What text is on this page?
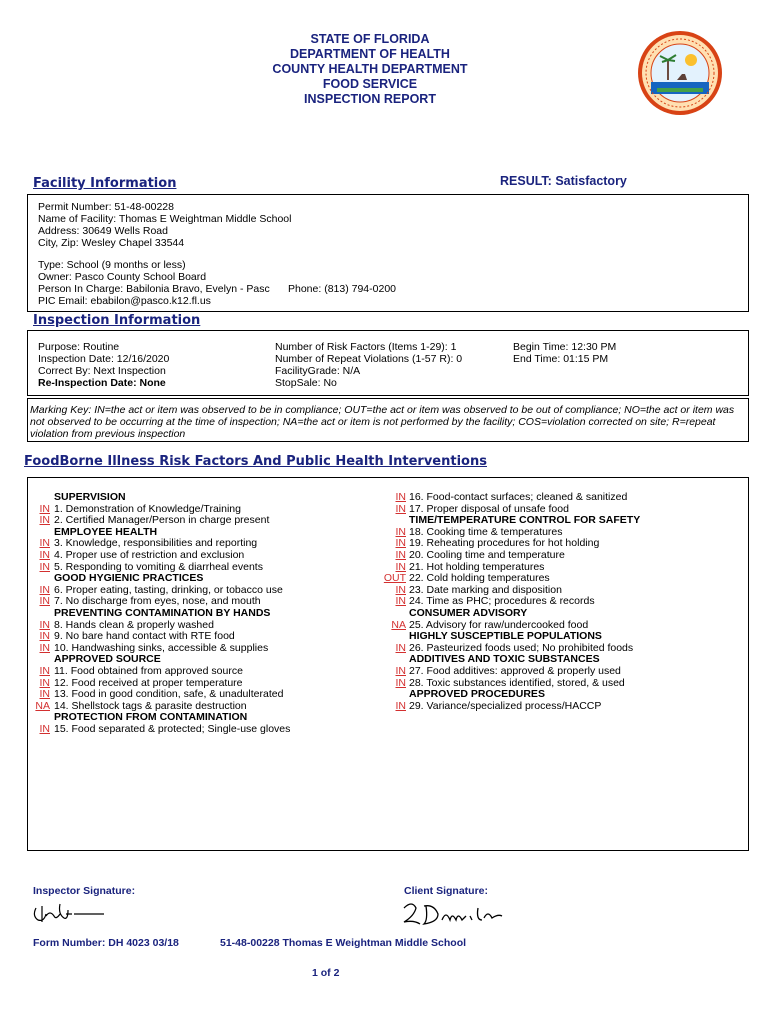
STATE OF FLORIDA
DEPARTMENT OF HEALTH
COUNTY HEALTH DEPARTMENT
FOOD SERVICE
INSPECTION REPORT
Facility Information	RESULT: Satisfactory
Permit Number: 51-48-00228
Name of Facility: Thomas E Weightman Middle School
Address: 30649 Wells Road
City, Zip: Wesley Chapel 33544
Type: School (9 months or less)
Owner: Pasco County School Board
Person In Charge: Babilonia Bravo, Evelyn - Pasc Phone: (813) 794-0200
PIC Email: ebabilon@pasco.k12.fl.us
Inspection Information
Purpose: Routine
Inspection Date: 12/16/2020
Correct By: Next Inspection
Re-Inspection Date: None
Number of Risk Factors (Items 1-29): 1
Number of Repeat Violations (1-57 R): 0
FacilityGrade: N/A
StopSale: No
Begin Time: 12:30 PM
End Time: 01:15 PM
Marking Key: IN=the act or item was observed to be in compliance; OUT=the act or item was observed to be out of compliance; NO=the act or item was not observed to be occurring at the time of inspection; NA=the act or item is not performed by the facility; COS=violation corrected on site; R=repeat violation from previous inspection
FoodBorne Illness Risk Factors And Public Health Interventions
SUPERVISION
IN 1. Demonstration of Knowledge/Training
IN 2. Certified Manager/Person in charge present
EMPLOYEE HEALTH
IN 3. Knowledge, responsibilities and reporting
IN 4. Proper use of restriction and exclusion
IN 5. Responding to vomiting & diarrheal events
GOOD HYGIENIC PRACTICES
IN 6. Proper eating, tasting, drinking, or tobacco use
IN 7. No discharge from eyes, nose, and mouth
PREVENTING CONTAMINATION BY HANDS
IN 8. Hands clean & properly washed
IN 9. No bare hand contact with RTE food
IN 10. Handwashing sinks, accessible & supplies
APPROVED SOURCE
IN 11. Food obtained from approved source
IN 12. Food received at proper temperature
IN 13. Food in good condition, safe, & unadulterated
NA 14. Shellstock tags & parasite destruction
PROTECTION FROM CONTAMINATION
IN 15. Food separated & protected; Single-use gloves
IN 16. Food-contact surfaces; cleaned & sanitized
IN 17. Proper disposal of unsafe food
TIME/TEMPERATURE CONTROL FOR SAFETY
IN 18. Cooking time & temperatures
IN 19. Reheating procedures for hot holding
IN 20. Cooling time and temperature
IN 21. Hot holding temperatures
OUT 22. Cold holding temperatures
IN 23. Date marking and disposition
IN 24. Time as PHC; procedures & records
CONSUMER ADVISORY
NA 25. Advisory for raw/undercooked food
HIGHLY SUSCEPTIBLE POPULATIONS
IN 26. Pasteurized foods used; No prohibited foods
ADDITIVES AND TOXIC SUBSTANCES
IN 27. Food additives: approved & properly used
IN 28. Toxic substances identified, stored, & used
APPROVED PROCEDURES
IN 29. Variance/specialized process/HACCP
Inspector Signature:	Client Signature:
Form Number: DH 4023 03/18	51-48-00228 Thomas E Weightman Middle School
1 of 2
